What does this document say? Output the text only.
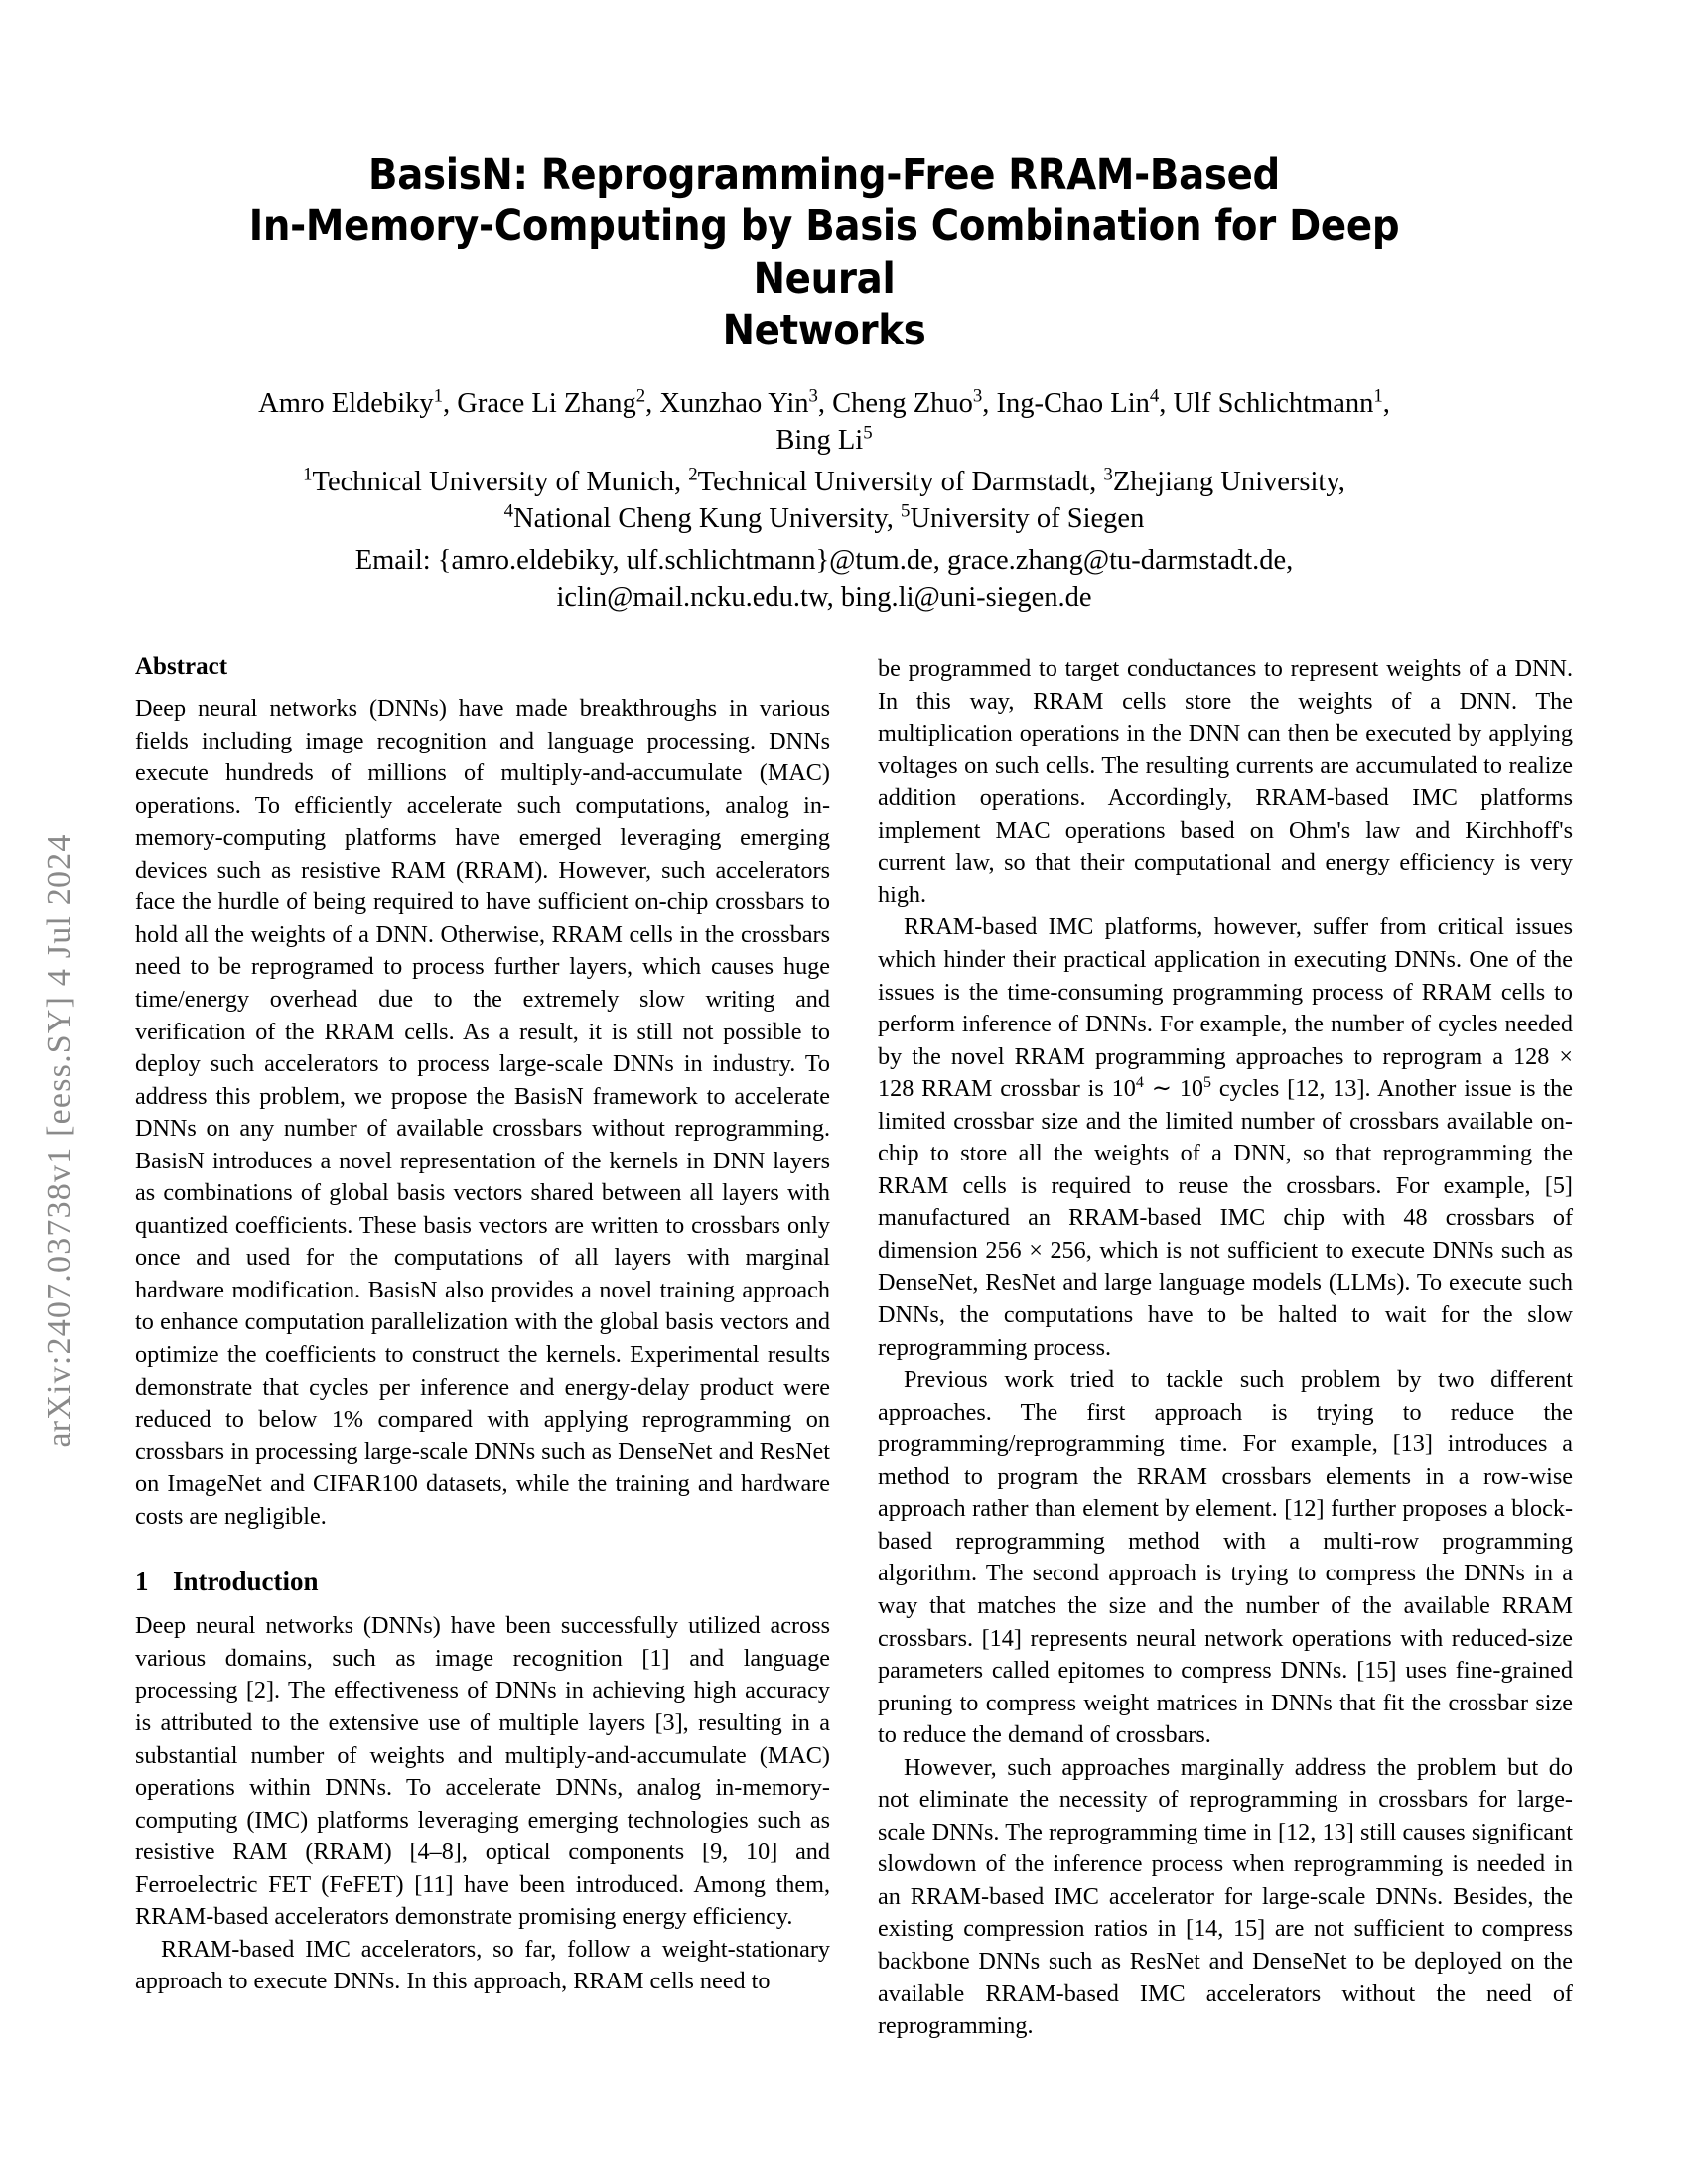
arXiv:2407.03738v1 [eess.SY] 4 Jul 2024
BasisN: Reprogramming-Free RRAM-Based
In-Memory-Computing by Basis Combination for Deep Neural
Networks
Amro Eldebiky$^1$, Grace Li Zhang$^2$, Xunzhao Yin$^3$, Cheng Zhuo$^3$, Ing-Chao Lin$^4$, Ulf Schlichtmann$^1$,
Bing Li$^5$
$^1$Technical University of Munich, $^2$Technical University of Darmstadt, $^3$Zhejiang University, $^4$National Cheng Kung University, $^5$University of Siegen
Email: {amro.eldebiky, ulf.schlichtmann}@tum.de, grace.zhang@tu-darmstadt.de, iclin@mail.ncku.edu.tw, bing.li@uni-siegen.de
Abstract

Deep neural networks (DNNs) have made breakthroughs in various fields including image recognition and language processing. DNNs execute hundreds of millions of multiply-and-accumulate (MAC) operations. To efficiently accelerate such computations, analog in-memory-computing platforms have emerged leveraging emerging devices such as resistive RAM (RRAM). However, such accelerators face the hurdle of being required to have sufficient on-chip crossbars to hold all the weights of a DNN. Otherwise, RRAM cells in the crossbars need to be reprogramed to process further layers, which causes huge time/energy overhead due to the extremely slow writing and verification of the RRAM cells. As a result, it is still not possible to deploy such accelerators to process large-scale DNNs in industry. To address this problem, we propose the BasisN framework to accelerate DNNs on any number of available crossbars without reprogramming. BasisN introduces a novel representation of the kernels in DNN layers as combinations of global basis vectors shared between all layers with quantized coefficients. These basis vectors are written to crossbars only once and used for the computations of all layers with marginal hardware modification. BasisN also provides a novel training approach to enhance computation parallelization with the global basis vectors and optimize the coefficients to construct the kernels. Experimental results demonstrate that cycles per inference and energy-delay product were reduced to below 1% compared with applying reprogramming on crossbars in processing large-scale DNNs such as DenseNet and ResNet on ImageNet and CIFAR100 datasets, while the training and hardware costs are negligible.

1 Introduction

Deep neural networks (DNNs) have been successfully utilized across various domains, such as image recognition [1] and language processing [2]. The effectiveness of DNNs in achieving high accuracy is attributed to the extensive use of multiple layers [3], resulting in a substantial number of weights and multiply-and-accumulate (MAC) operations within DNNs. To accelerate DNNs, analog in-memory-computing (IMC) platforms leveraging emerging technologies such as resistive RAM (RRAM) [4–8], optical components [9, 10] and Ferroelectric FET (FeFET) [11] have been introduced. Among them, RRAM-based accelerators demonstrate promising energy efficiency.

RRAM-based IMC accelerators, so far, follow a weight-stationary approach to execute DNNs. In this approach, RRAM cells need to

be programmed to target conductances to represent weights of a DNN. In this way, RRAM cells store the weights of a DNN. The multiplication operations in the DNN can then be executed by applying voltages on such cells. The resulting currents are accumulated to realize addition operations. Accordingly, RRAM-based IMC platforms implement MAC operations based on Ohm's law and Kirchhoff's current law, so that their computational and energy efficiency is very high.

RRAM-based IMC platforms, however, suffer from critical issues which hinder their practical application in executing DNNs. One of the issues is the time-consuming programming process of RRAM cells to perform inference of DNNs. For example, the number of cycles needed by the novel RRAM programming approaches to reprogram a 128 × 128 RRAM crossbar is $10^4$ ∼ $10^5$ cycles [12, 13]. Another issue is the limited crossbar size and the limited number of crossbars available on-chip to store all the weights of a DNN, so that reprogramming the RRAM cells is required to reuse the crossbars. For example, [5] manufactured an RRAM-based IMC chip with 48 crossbars of dimension 256 × 256, which is not sufficient to execute DNNs such as DenseNet, ResNet and large language models (LLMs). To execute such DNNs, the computations have to be halted to wait for the slow reprogramming process.

Previous work tried to tackle such problem by two different approaches. The first approach is trying to reduce the programming/reprogramming time. For example, [13] introduces a method to program the RRAM crossbars elements in a row-wise approach rather than element by element. [12] further proposes a block-based reprogramming method with a multi-row programming algorithm. The second approach is trying to compress the DNNs in a way that matches the size and the number of the available RRAM crossbars. [14] represents neural network operations with reduced-size parameters called epitomes to compress DNNs. [15] uses fine-grained pruning to compress weight matrices in DNNs that fit the crossbar size to reduce the demand of crossbars.

However, such approaches marginally address the problem but do not eliminate the necessity of reprogramming in crossbars for large-scale DNNs. The reprogramming time in [12, 13] still causes significant slowdown of the inference process when reprogramming is needed in an RRAM-based IMC accelerator for large-scale DNNs. Besides, the existing compression ratios in [14, 15] are not sufficient to compress backbone DNNs such as ResNet and DenseNet to be deployed on the available RRAM-based IMC accelerators without the need of reprogramming.
